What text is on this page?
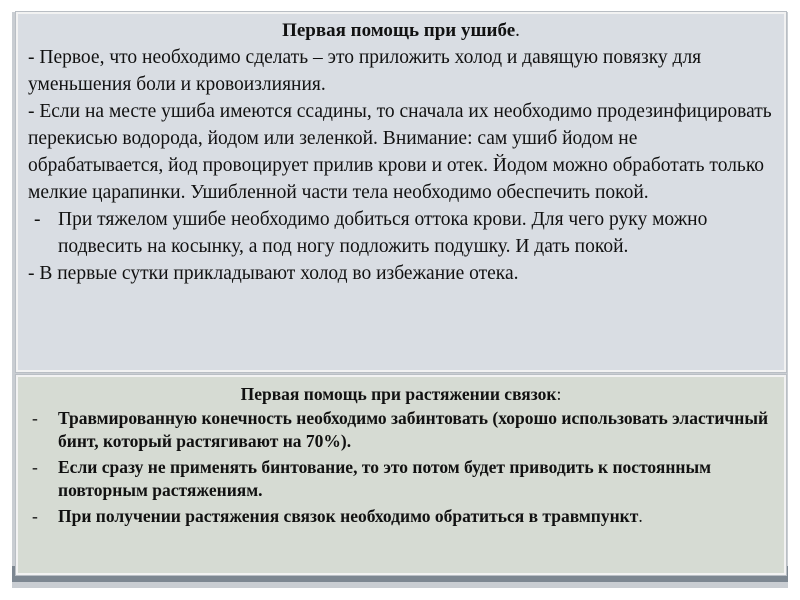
Первая помощь при ушибе.

- Первое, что необходимо сделать – это приложить холод и давящую повязку для уменьшения боли и кровоизлияния.

- Если на месте ушиба имеются ссадины, то сначала их необходимо продезинфицировать перекисью водорода, йодом или зеленкой. Внимание: сам ушиб йодом не обрабатывается, йод провоцирует прилив крови и отек. Йодом можно обработать только мелкие царапинки. Ушибленной части тела необходимо обеспечить покой.

- При тяжелом ушибе необходимо добиться оттока крови. Для чего руку можно подвесить на косынку, а под ногу подложить подушку. И дать покой.

- В первые сутки прикладывают холод во избежание отека.

Первая помощь при растяжении связок:

- Травмированную конечность необходимо забинтовать (хорошо использовать эластичный бинт, который растягивают на 70%).

- Если сразу не применять бинтование, то это потом будет приводить к постоянным повторным растяжениям.

- При получении растяжения связок необходимо обратиться в травмпункт.
